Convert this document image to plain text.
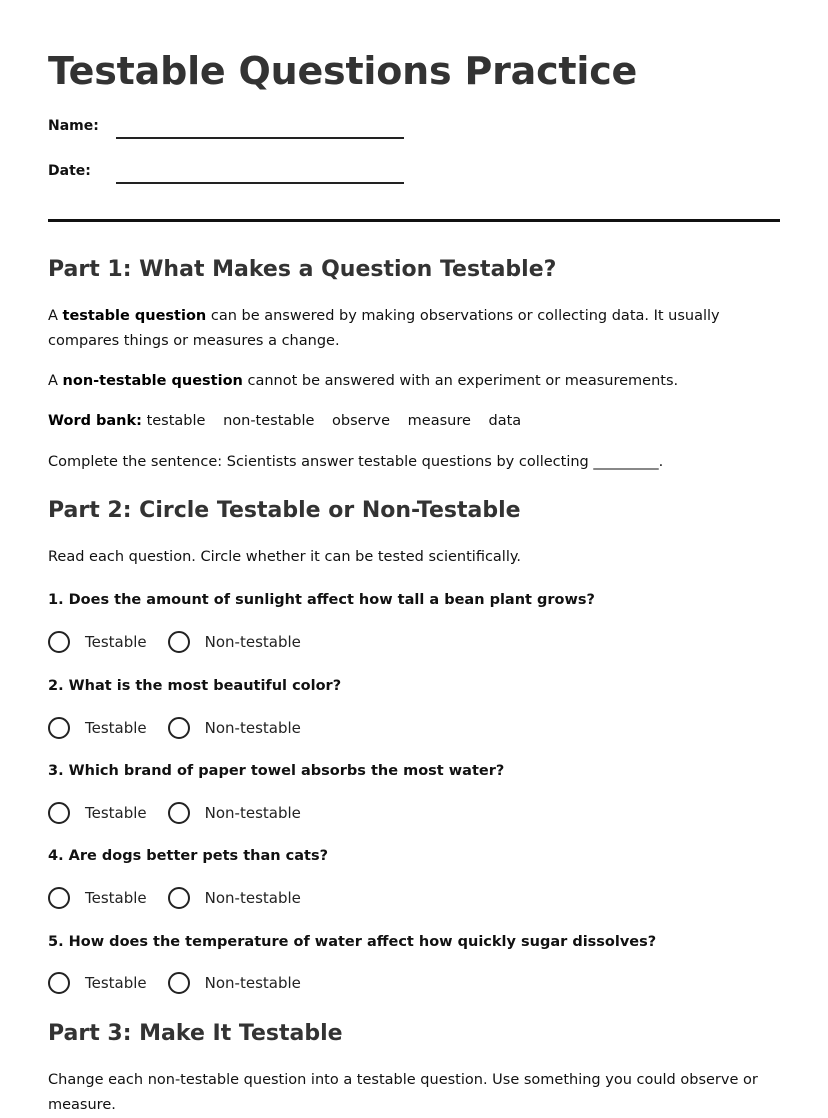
Testable Questions Practice
Name:
Date:
Part 1: What Makes a Question Testable?

A testable question can be answered by making observations or collecting data. It usually compares things or measures a change.

A non-testable question cannot be answered with an experiment or measurements.

Word bank: testable non-testable observe measure data

Complete the sentence: Scientists answer testable questions by collecting _________.

Part 2: Circle Testable or Non-Testable

Read each question. Circle whether it can be tested scientifically.

1. Does the amount of sunlight affect how tall a bean plant grows?
Testable	Non-testable
2. What is the most beautiful color?
Testable	Non-testable
3. Which brand of paper towel absorbs the most water?
Testable	Non-testable
4. Are dogs better pets than cats?
Testable	Non-testable
5. How does the temperature of water affect how quickly sugar dissolves?
Testable	Non-testable
Part 3: Make It Testable

Change each non-testable question into a testable question. Use something you could observe or measure.
